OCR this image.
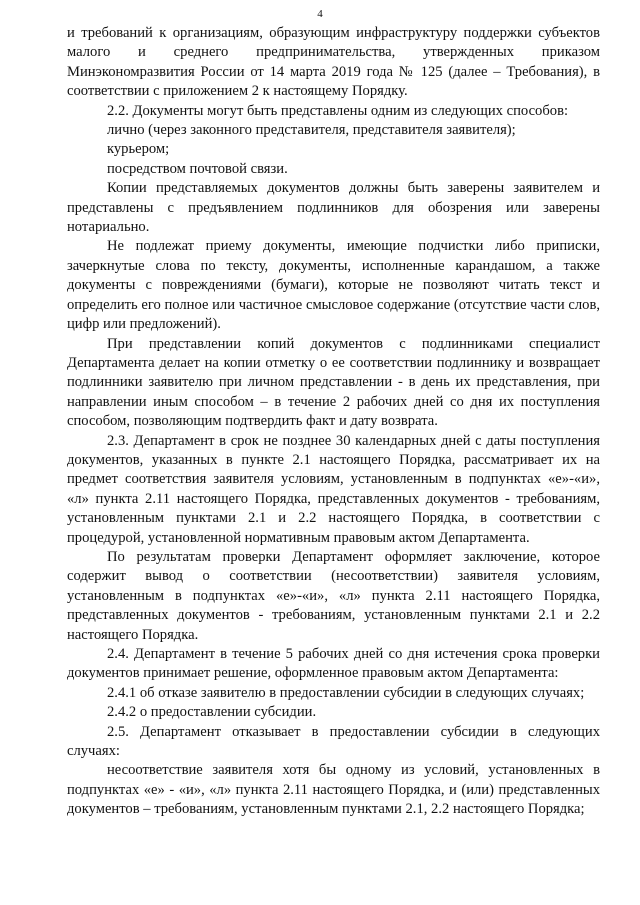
4

и требований к организациям, образующим инфраструктуру поддержки субъектов малого и среднего предпринимательства, утвержденных приказом Минэкономразвития России от 14 марта 2019 года № 125 (далее – Требования), в соответствии с приложением 2 к настоящему Порядку.

2.2. Документы могут быть представлены одним из следующих способов:

лично (через законного представителя, представителя заявителя);

курьером;

посредством почтовой связи.

Копии представляемых документов должны быть заверены заявителем и представлены с предъявлением подлинников для обозрения или заверены нотариально.

Не подлежат приему документы, имеющие подчистки либо приписки, зачеркнутые слова по тексту, документы, исполненные карандашом, а также документы с повреждениями (бумаги), которые не позволяют читать текст и определить его полное или частичное смысловое содержание (отсутствие части слов, цифр или предложений).

При представлении копий документов с подлинниками специалист Департамента делает на копии отметку о ее соответствии подлиннику и возвращает подлинники заявителю при личном представлении - в день их представления, при направлении иным способом – в течение 2 рабочих дней со дня их поступления способом, позволяющим подтвердить факт и дату возврата.

2.3. Департамент в срок не позднее 30 календарных дней с даты поступления документов, указанных в пункте 2.1 настоящего Порядка, рассматривает их на предмет соответствия заявителя условиям, установленным в подпунктах «е»-«и», «л» пункта 2.11 настоящего Порядка, представленных документов - требованиям, установленным пунктами 2.1 и 2.2 настоящего Порядка, в соответствии с процедурой, установленной нормативным правовым актом Департамента.

По результатам проверки Департамент оформляет заключение, которое содержит вывод о соответствии (несоответствии) заявителя условиям, установленным в подпунктах «е»-«и», «л» пункта 2.11 настоящего Порядка, представленных документов - требованиям, установленным пунктами 2.1 и 2.2 настоящего Порядка.

2.4. Департамент в течение 5 рабочих дней со дня истечения срока проверки документов принимает решение, оформленное правовым актом Департамента:

2.4.1 об отказе заявителю в предоставлении субсидии в следующих случаях;

2.4.2 о предоставлении субсидии.

2.5. Департамент отказывает в предоставлении субсидии в следующих случаях:

несоответствие заявителя хотя бы одному из условий, установленных в подпунктах «е» - «и», «л» пункта 2.11 настоящего Порядка, и (или) представленных документов – требованиям, установленным пунктами 2.1, 2.2 настоящего Порядка;
